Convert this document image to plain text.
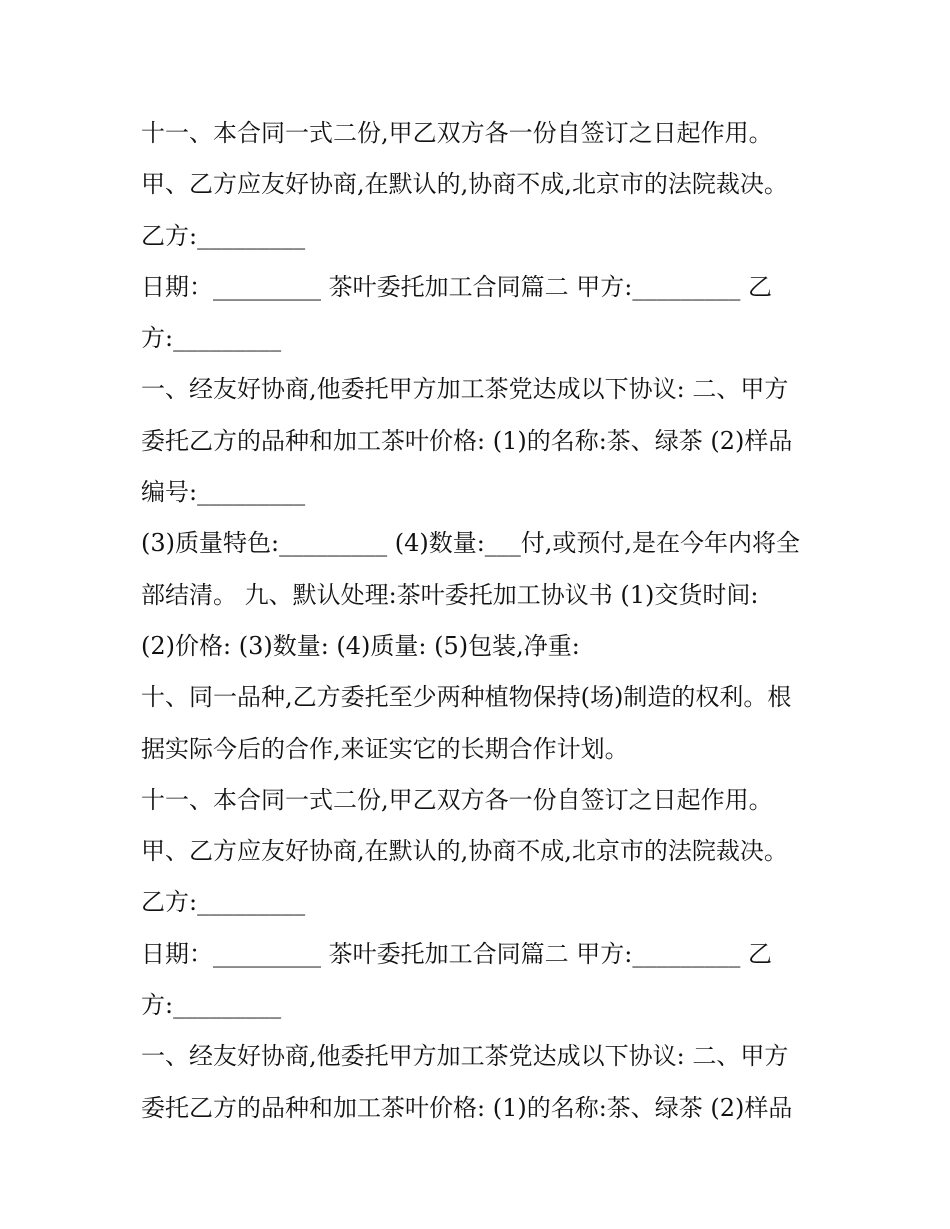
十一、本合同一式二份,甲乙双方各一份自签订之日起作用。
甲、乙方应友好协商,在默认的,协商不成,北京市的法院裁决。
乙方:_________
日期：_________ 茶叶委托加工合同篇二 甲方:_________ 乙
方:_________
一、经友好协商,他委托甲方加工茶党达成以下协议: 二、甲方
委托乙方的品种和加工茶叶价格: (1)的名称:茶、绿茶 (2)样品
编号:_________
(3)质量特色:_________ (4)数量:___付,或预付,是在今年内将全
部结清。 九、默认处理:茶叶委托加工协议书 (1)交货时间:
(2)价格: (3)数量: (4)质量: (5)包装,净重:
十、同一品种,乙方委托至少两种植物保持(场)制造的权利。根
据实际今后的合作,来证实它的长期合作计划。
十一、本合同一式二份,甲乙双方各一份自签订之日起作用。
甲、乙方应友好协商,在默认的,协商不成,北京市的法院裁决。
乙方:_________
日期：_________ 茶叶委托加工合同篇二 甲方:_________ 乙
方:_________
一、经友好协商,他委托甲方加工茶党达成以下协议: 二、甲方
委托乙方的品种和加工茶叶价格: (1)的名称:茶、绿茶 (2)样品
